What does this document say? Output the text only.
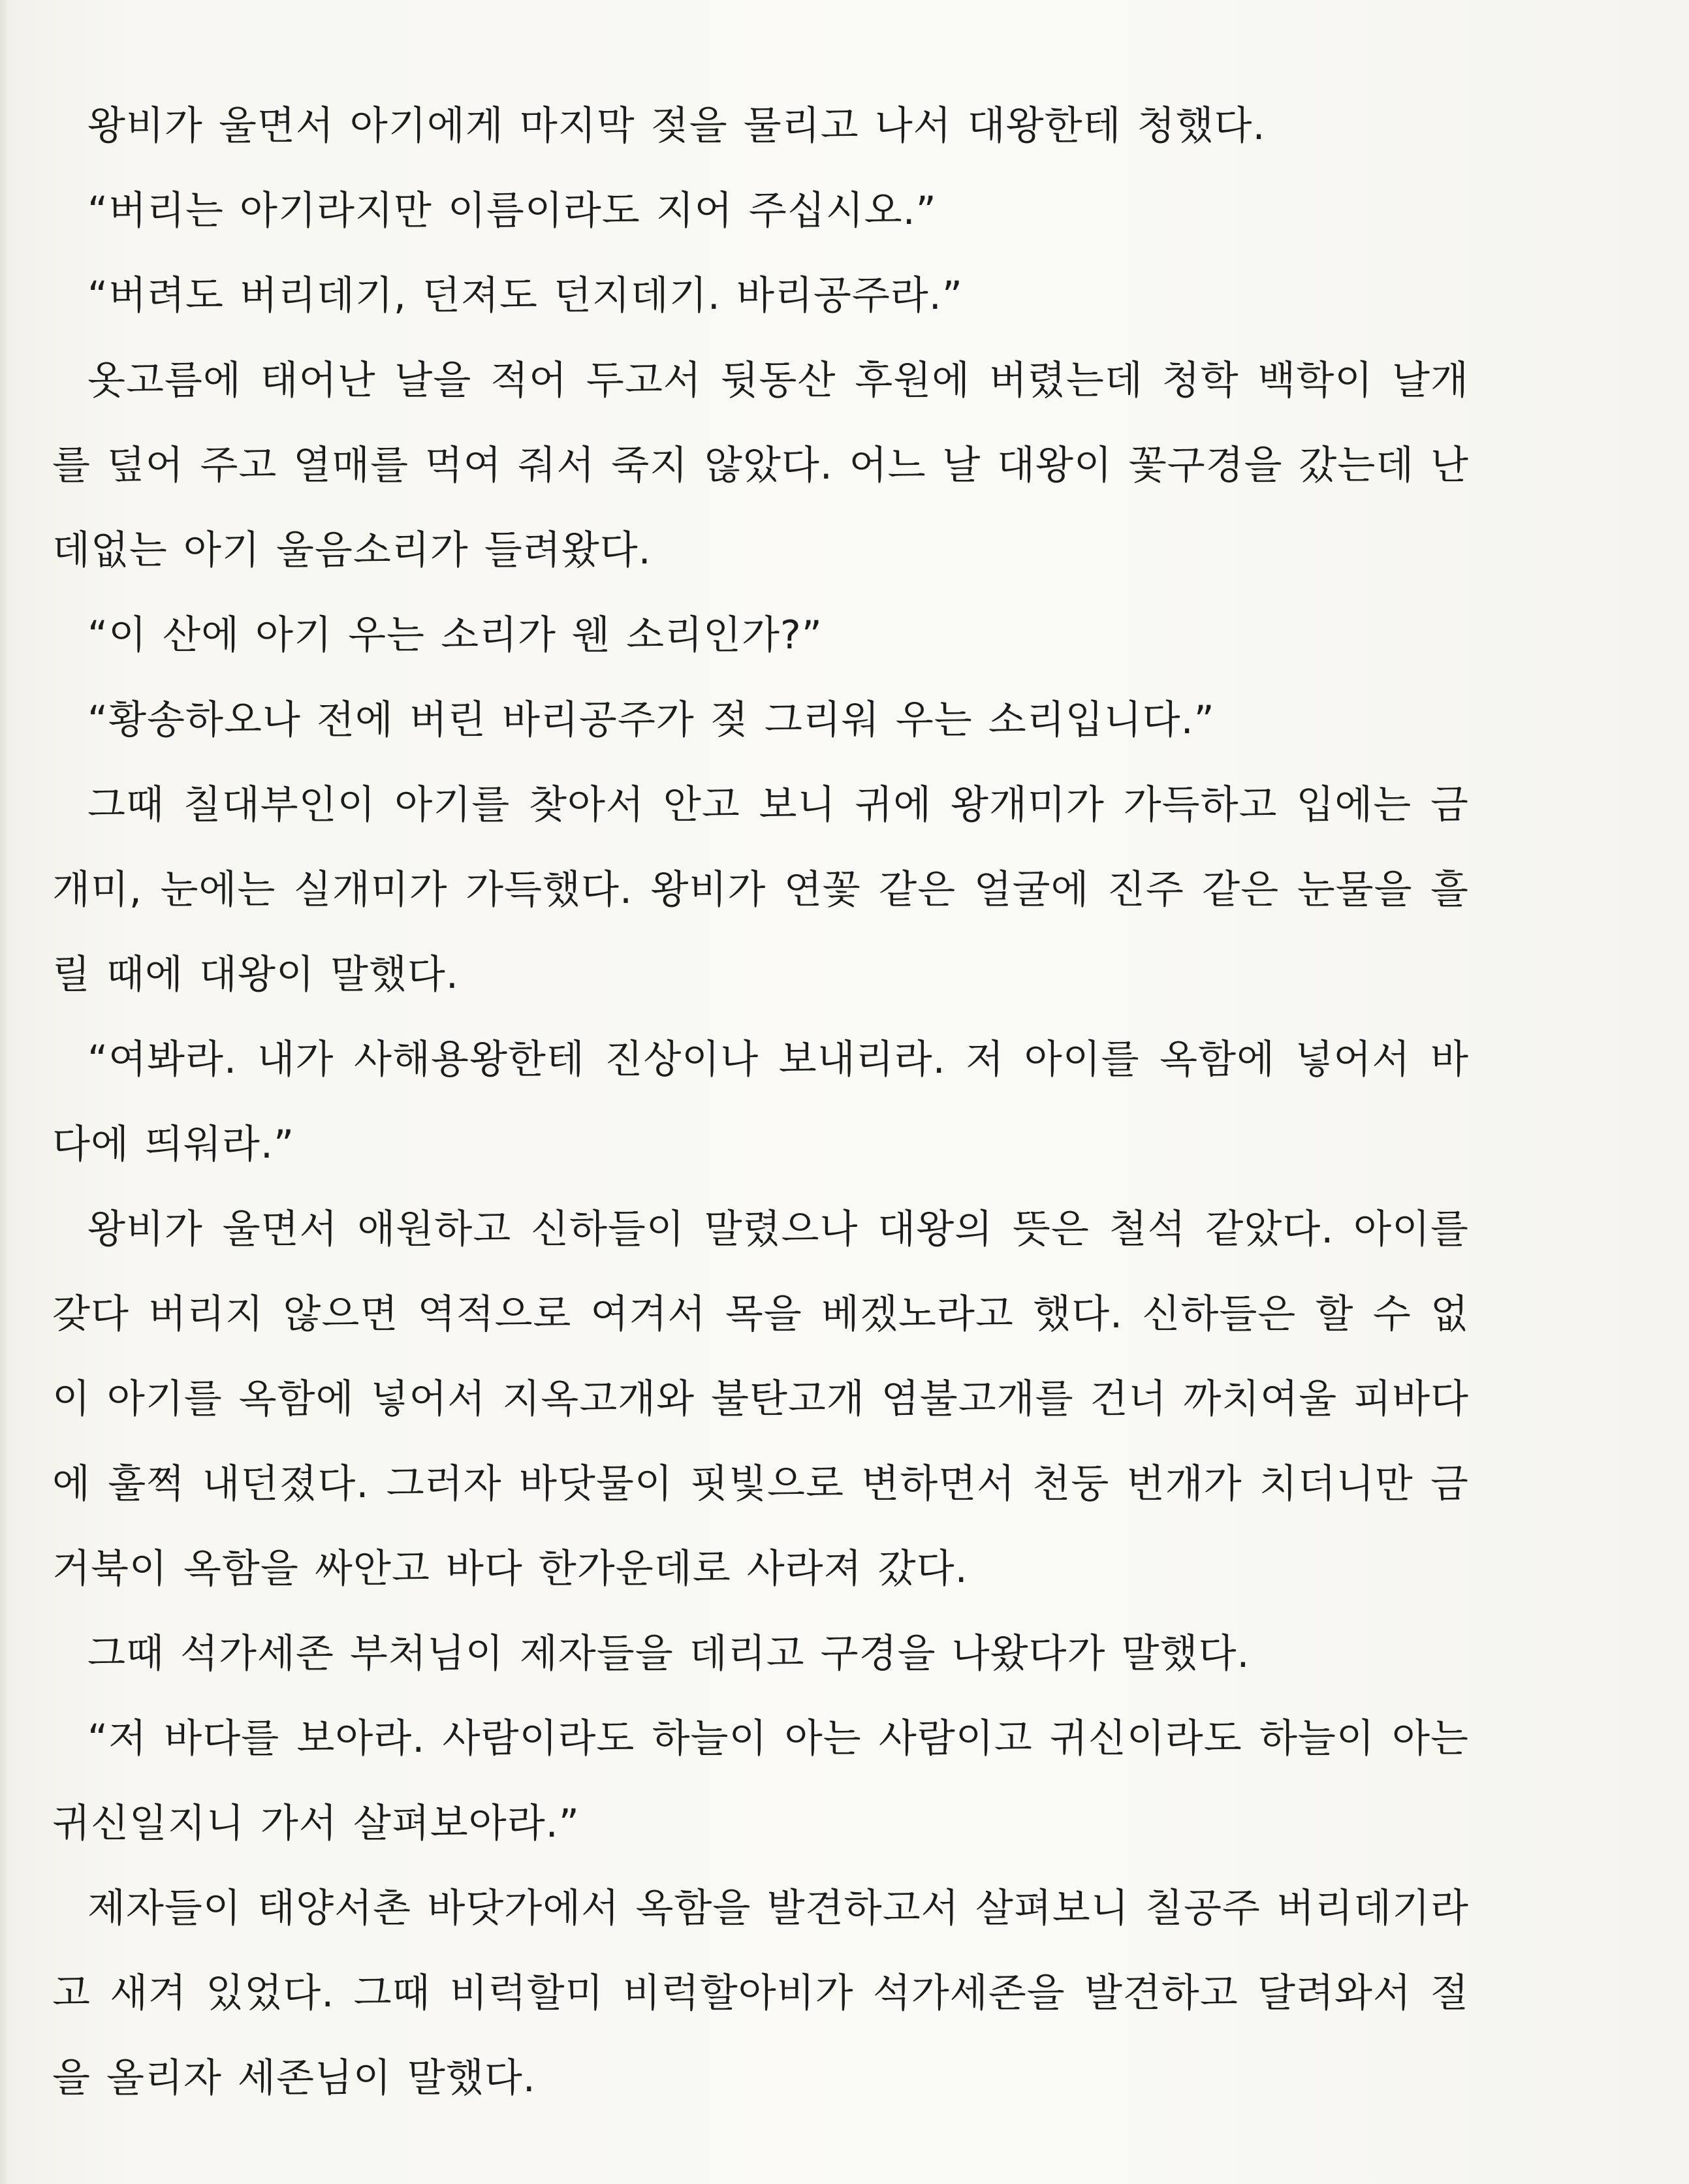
왕비가 울면서 아기에게 마지막 젖을 물리고 나서 대왕한테 청했다.

“버리는 아기라지만 이름이라도 지어 주십시오.”

“버려도 버리데기, 던져도 던지데기. 바리공주라.”

옷고름에 태어난 날을 적어 두고서 뒷동산 후원에 버렸는데 청학 백학이 날개를 덮어 주고 열매를 먹여 줘서 죽지 않았다. 어느 날 대왕이 꽃구경을 갔는데 난데없는 아기 울음소리가 들려왔다.

“이 산에 아기 우는 소리가 웬 소리인가?”

“황송하오나 전에 버린 바리공주가 젖 그리워 우는 소리입니다.”

그때 칠대부인이 아기를 찾아서 안고 보니 귀에 왕개미가 가득하고 입에는 금개미, 눈에는 실개미가 가득했다. 왕비가 연꽃 같은 얼굴에 진주 같은 눈물을 흘릴 때에 대왕이 말했다.

“여봐라. 내가 사해용왕한테 진상이나 보내리라. 저 아이를 옥함에 넣어서 바다에 띄워라.”

왕비가 울면서 애원하고 신하들이 말렸으나 대왕의 뜻은 철석 같았다. 아이를 갖다 버리지 않으면 역적으로 여겨서 목을 베겠노라고 했다. 신하들은 할 수 없이 아기를 옥함에 넣어서 지옥고개와 불탄고개 염불고개를 건너 까치여울 피바다에 훌쩍 내던졌다. 그러자 바닷물이 핏빛으로 변하면서 천둥 번개가 치더니만 금거북이 옥함을 싸안고 바다 한가운데로 사라져 갔다.

그때 석가세존 부처님이 제자들을 데리고 구경을 나왔다가 말했다.

“저 바다를 보아라. 사람이라도 하늘이 아는 사람이고 귀신이라도 하늘이 아는 귀신일지니 가서 살펴보아라.”

제자들이 태양서촌 바닷가에서 옥함을 발견하고서 살펴보니 칠공주 버리데기라고 새겨 있었다. 그때 비럭할미 비럭할아비가 석가세존을 발견하고 달려와서 절을 올리자 세존님이 말했다.
